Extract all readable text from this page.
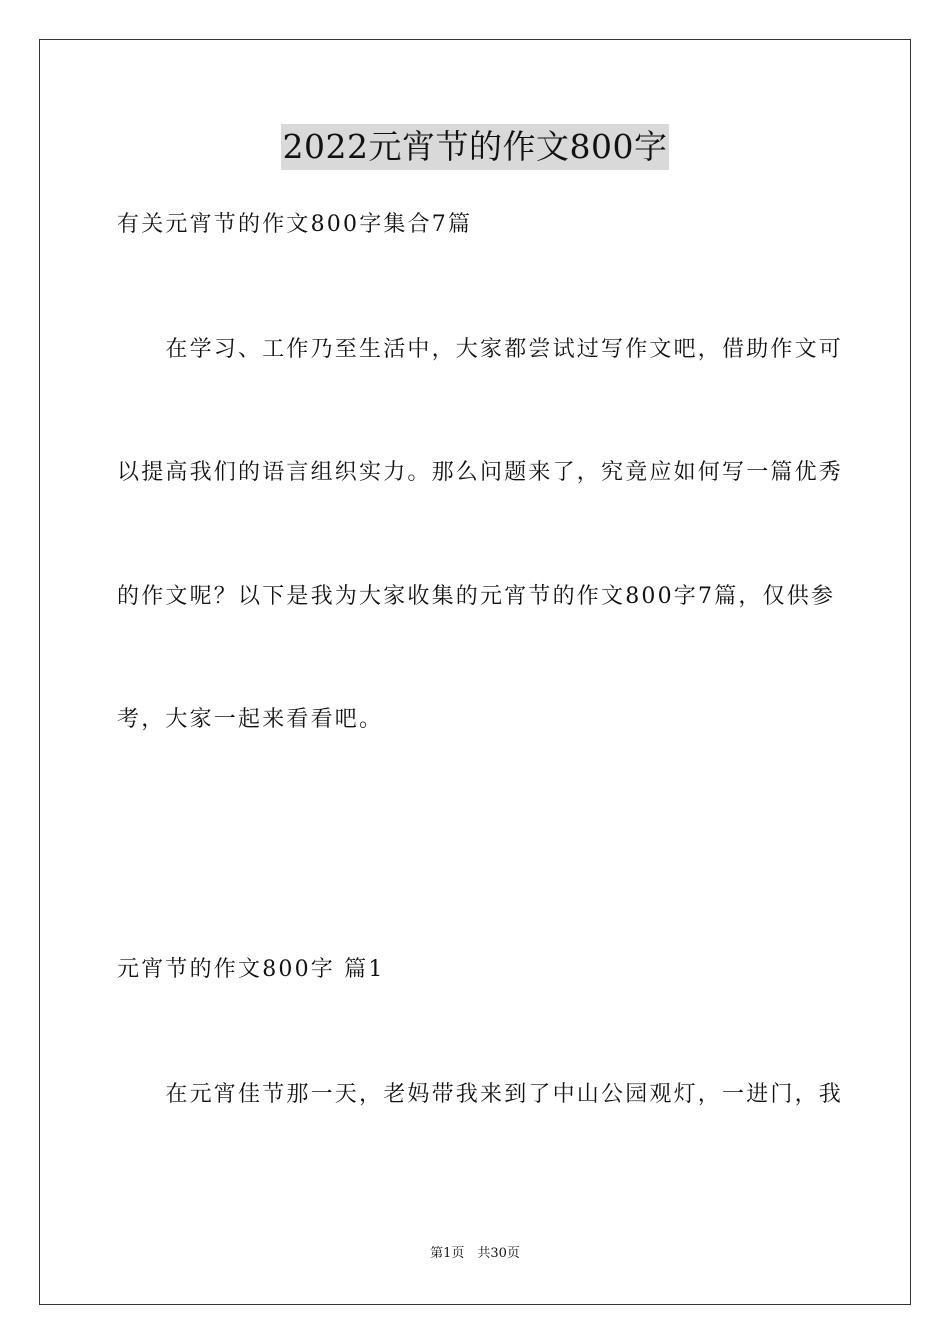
2022元宵节的作文800字
有关元宵节的作文800字集合7篇
　　在学习、工作乃至生活中，大家都尝试过写作文吧，借助作文可
以提高我们的语言组织实力。那么问题来了，究竟应如何写一篇优秀
的作文呢？以下是我为大家收集的元宵节的作文800字7篇，仅供参
考，大家一起来看看吧。
元宵节的作文800字 篇1
　　在元宵佳节那一天，老妈带我来到了中山公园观灯，一进门，我
第1页　共30页
